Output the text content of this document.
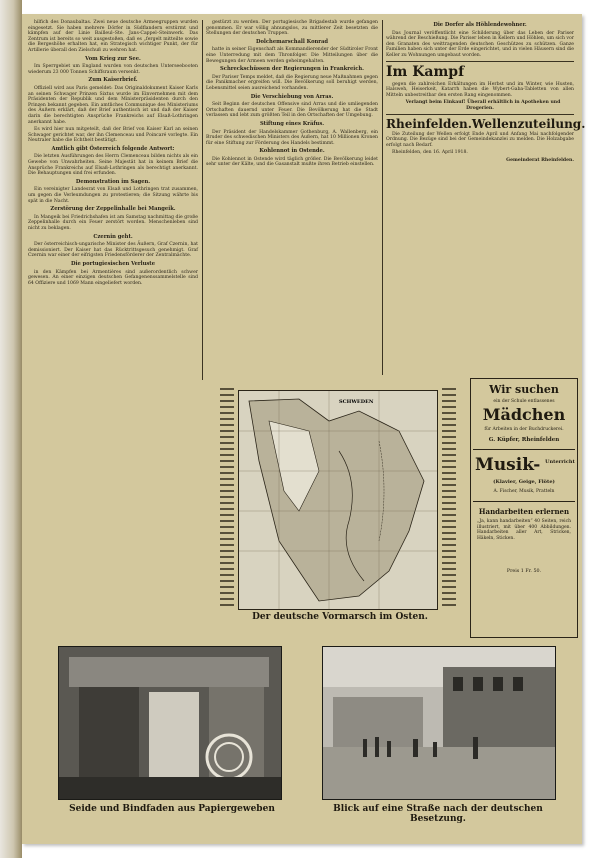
hilfich des Donaubaltas. Zwei neue deutsche Armeegruppen wurden eingesetzt. Sie haben mehrere Dörfer in Südflandern erstürmt und kämpfen auf der Linie Bailleul–Ste. Jans-Cappel–Steinwerk. Das Zentrum ist bereits so weit ausgestoßen, daß es „fergelt mitteilte sowie die Bergeshöhe erhalten hat, ein Strategisch wichtiger Punkt, der für Artillerie überall den Zielschuß zu wehren hat.

Vom Krieg zur See.

Im Sperrgebiet um England wurden von deutschen Unterseebooten wiederum 23 000 Tonnen Schiffsraum versenkt.

Zum Kaiserbrief.

Offiziell wird aus Paris gemeldet: Das Originaldokument Kaiser Karls an seinen Schwager Prinzen Sixtus wurde im Einvernehmen mit dem Präsidenten der Republik und dem Ministerpräsidenten durch den Prinzen bekannt gegeben. Ein amtliches Communique des Ministeriums des Äußern erklärt, daß der Brief authentisch ist und daß der Kaiser darin die berechtigten Ansprüche Frankreichs auf Elsaß-Lothringen anerkannt habe.

Es wird hier nun mitgeteilt, daß der Brief von Kaiser Karl an seinen Schwager gerichtet war, der ihn Clemenceau und Poincaré vorlegte. Ein Neutraler habe die Echtheit bestätigt.

Amtlich gibt Österreich folgende Antwort:

Die letzten Ausführungen des Herrn Clemenceau bilden nichts als ein Gewebe von Unwahrheiten. Seine Majestät hat in keinem Brief die Ansprüche Frankreichs auf Elsaß-Lothringen als berechtigt anerkannt. Die Behauptungen sind frei erfunden.

Demonstration im Sagen.

Ein vereinigter Landesrat von Elsaß und Lothringen trat zusammen, um gegen die Verleumdungen zu protestieren; die Sitzung währte bis spät in die Nacht.

Zerstörung der Zeppelinhalle bei Mangeik.

In Mangeik bei Friedrichshafen ist am Samstag nachmittag die große Zeppelinhalle durch ein Feuer zerstört worden. Menschenleben sind nicht zu beklagen.

Czernin geht.

Der österreichisch-ungarische Minister des Äußern, Graf Czernin, hat demissioniert. Der Kaiser hat das Rücktrittsgesuch genehmigt. Graf Czernin war einer der eifrigsten Friedensförderer der Zentralmächte.

Die portugiesischen Verluste

in den Kämpfen bei Armentières sind außerordentlich schwer gewesen. An einer einzigen deutschen Gefangenenssammelstelle sind 64 Offiziere und 1069 Mann eingeliefert worden.

gestürzt zu werden. Der portugiesische Brigadestab wurde gefangen genommen. Er war völlig ahnungslos, zu mittlerer Zeit besetzten die Stellungen der deutschen Truppen.

Dolchemarschall Konrad

hatte in seiner Eigenschaft als Kommandierender der Südtiroler Front eine Unterredung mit dem Thronfolger. Die Mitteilungen über die Bewegungen der Armeen werden geheimgehalten.

Schreckschüssen der Regierungen in Frankreich.

Der Pariser Temps meldet, daß die Regierung neue Maßnahmen gegen die Panikmacher ergreifen will. Die Bevölkerung soll beruhigt werden, Lebensmittel seien ausreichend vorhanden.

Die Verschiebung von Arras.

Seit Beginn der deutschen Offensive sind Arras und die umliegenden Ortschaften dauernd unter Feuer. Die Bevölkerung hat die Stadt verlassen und lebt zum größten Teil in den Ortschaften der Umgebung.

Stiftung eines Kräfus.

Der Präsident der Handelskammer Gothenburg, A. Wallenberg, ein Bruder des schwedischen Ministers des Äußern, hat 10 Millionen Kronen für eine Stiftung zur Förderung des Handels bestimmt.

Kohlennot in Ostende.

Die Kohlennot in Ostende wird täglich größer. Die Bevölkerung leidet sehr unter der Kälte, und die Gasanstalt mußte ihren Betrieb einstellen.

Die Dorfer als Höhlendewohner.

Das Journal veröffentlicht eine Schilderung über das Leben der Pariser während der Beschießung. Die Pariser leben in Kellern und Höhlen, um sich vor den Granaten des weittragenden deutschen Geschützes zu schützen. Ganze Familien haben sich unter der Erde eingerichtet, und in vielen Häusern sind die Keller zu Wohnungen umgebaut worden.

Im Kampf

gegen die zahlreichen Erkältungen im Herbst und im Winter, wie Husten, Halsweh, Heiserkeit, Katarrh haben die Wybert-Gaba-Tabletten von allen Mitteln unbestreitbar den ersten Rang eingenommen.

Verlangt beim Einkauf! Überall erhältlich in Apotheken und Drogerien.

Rheinfelden. Wellenzuteilung.

Die Zuteilung der Wellen erfolgt Ende April und Anfang Mai nachfolgender Ordnung. Die Bezüge sind bei der Gemeindekanzlei zu melden. Die Holzabgabe erfolgt nach Bedarf.

Rheinfelden, den 16. April 1918.

Gemeinderat Rheinfelden.

SCHWEDEN
Der deutsche Vormarsch im Osten.
Wir suchen
ein der Schule entlassenes
Mädchen
für Arbeiten in der Buchdruckerei.
G. Küpfer, Rheinfelden
Musik- Unterricht
(Klavier, Geige, Flöte)
A. Fischer, Musik, Pratteln
Handarbeiten erlernen
„Ja, kann handarbeiten“ 40 Seiten, reich illustriert, mit über 400 Abbildungen. Handarbeiten aller Art, Stricken, Häkeln, Sticken.
Preis 1 Fr. 50.
Seide und Bindfaden aus Papiergeweben	Blick auf eine Straße nach der deutschen Besetzung.
